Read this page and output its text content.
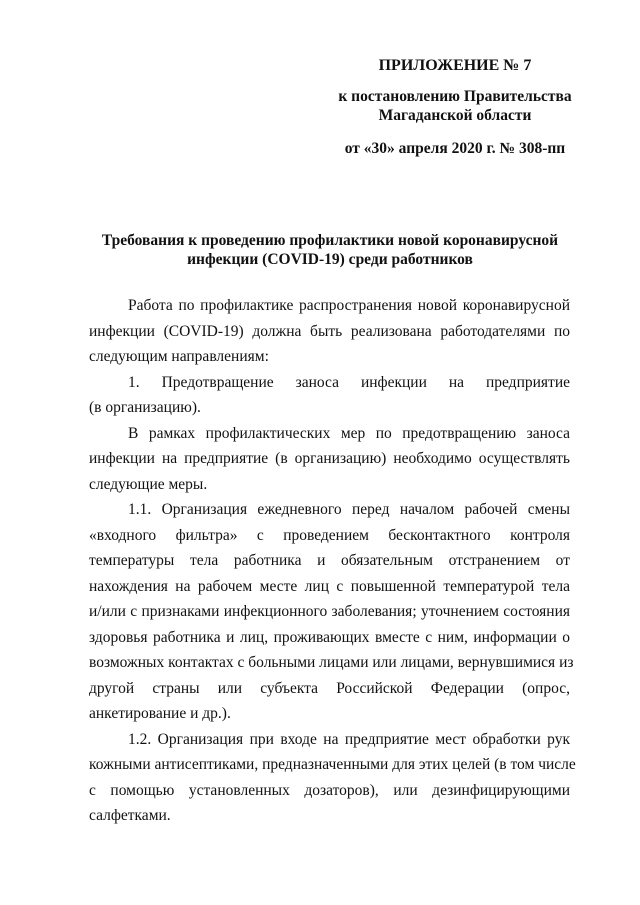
ПРИЛОЖЕНИЕ № 7
к постановлению Правительства
Магаданской области
от «30» апреля 2020 г. № 308-пп
Требования к проведению профилактики новой коронавирусной
инфекции (COVID-19) среди работников
Работа по профилактике распространения новой коронавирусной
инфекции (COVID-19) должна быть реализована работодателями по
следующим направлениям:
1. Предотвращение заноса инфекции на предприятие
(в организацию).
В рамках профилактических мер по предотвращению заноса
инфекции на предприятие (в организацию) необходимо осуществлять
следующие меры.
1.1. Организация ежедневного перед началом рабочей смены
«входного фильтра» с проведением бесконтактного контроля
температуры тела работника и обязательным отстранением от
нахождения на рабочем месте лиц с повышенной температурой тела
и/или с признаками инфекционного заболевания; уточнением состояния
здоровья работника и лиц, проживающих вместе с ним, информации о
возможных контактах с больными лицами или лицами, вернувшимися из
другой страны или субъекта Российской Федерации (опрос,
анкетирование и др.).
1.2. Организация при входе на предприятие мест обработки рук
кожными антисептиками, предназначенными для этих целей (в том числе
с помощью установленных дозаторов), или дезинфицирующими
салфетками.
